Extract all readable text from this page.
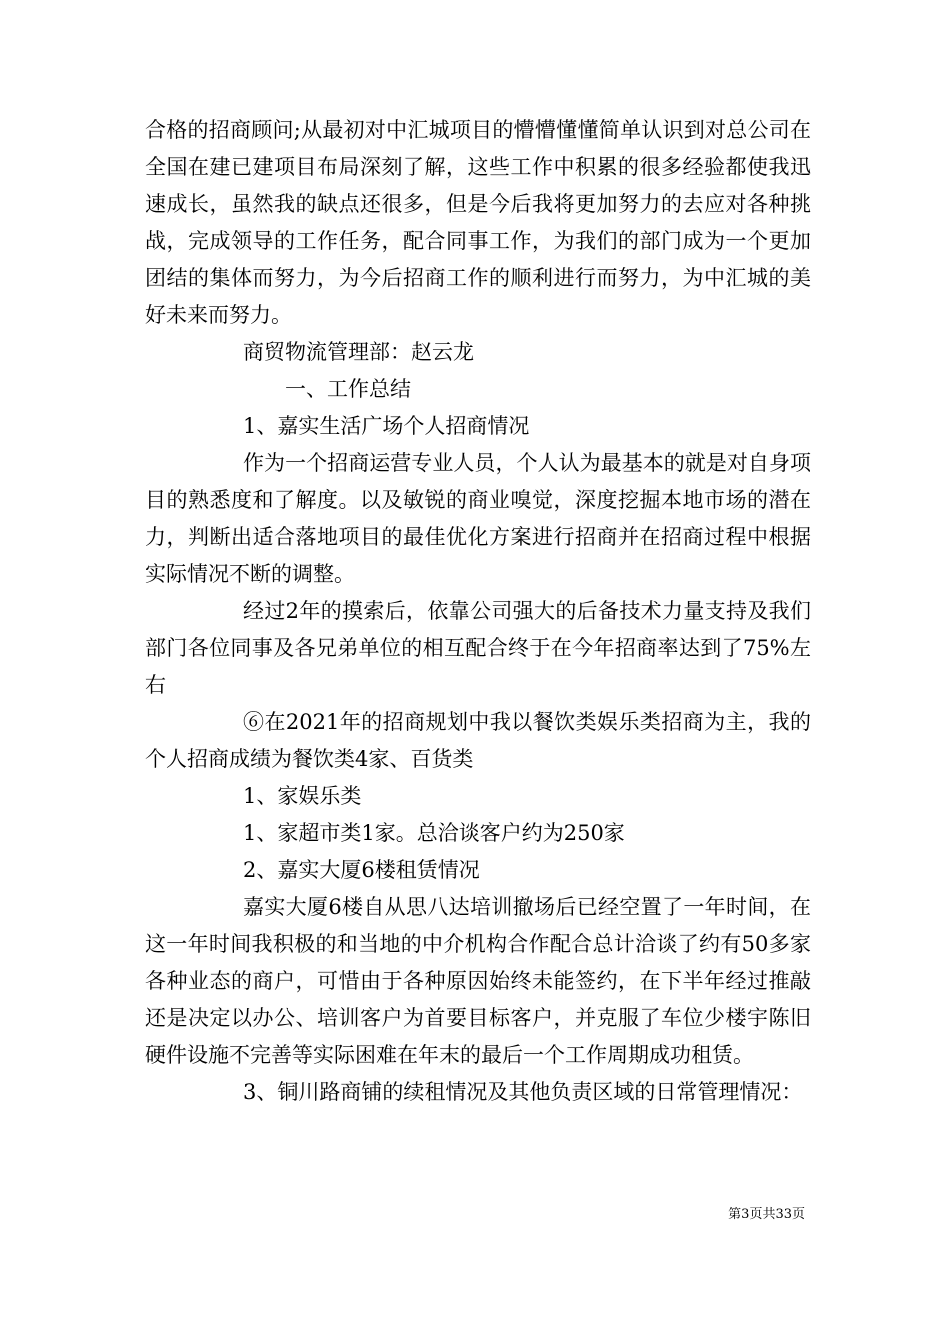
合格的招商顾问;从最初对中汇城项目的懵懵懂懂简单认识到对总公司在全国在建已建项目布局深刻了解，这些工作中积累的很多经验都使我迅速成长，虽然我的缺点还很多，但是今后我将更加努力的去应对各种挑战，完成领导的工作任务，配合同事工作，为我们的部门成为一个更加团结的集体而努力，为今后招商工作的顺利进行而努力，为中汇城的美好未来而努力。

商贸物流管理部：赵云龙

一、工作总结

1、嘉实生活广场个人招商情况

作为一个招商运营专业人员，个人认为最基本的就是对自身项目的熟悉度和了解度。以及敏锐的商业嗅觉，深度挖掘本地市场的潜在力，判断出适合落地项目的最佳优化方案进行招商并在招商过程中根据实际情况不断的调整。

经过2年的摸索后，依靠公司强大的后备技术力量支持及我们部门各位同事及各兄弟单位的相互配合终于在今年招商率达到了75%左右

⑥在2021年的招商规划中我以餐饮类娱乐类招商为主，我的个人招商成绩为餐饮类4家、百货类

1、家娱乐类

1、家超市类1家。总洽谈客户约为250家

2、嘉实大厦6楼租赁情况

嘉实大厦6楼自从思八达培训撤场后已经空置了一年时间，在这一年时间我积极的和当地的中介机构合作配合总计洽谈了约有50多家各种业态的商户，可惜由于各种原因始终未能签约，在下半年经过推敲还是决定以办公、培训客户为首要目标客户，并克服了车位少楼宇陈旧硬件设施不完善等实际困难在年末的最后一个工作周期成功租赁。

3、铜川路商铺的续租情况及其他负责区域的日常管理情况：

第3页共33页
